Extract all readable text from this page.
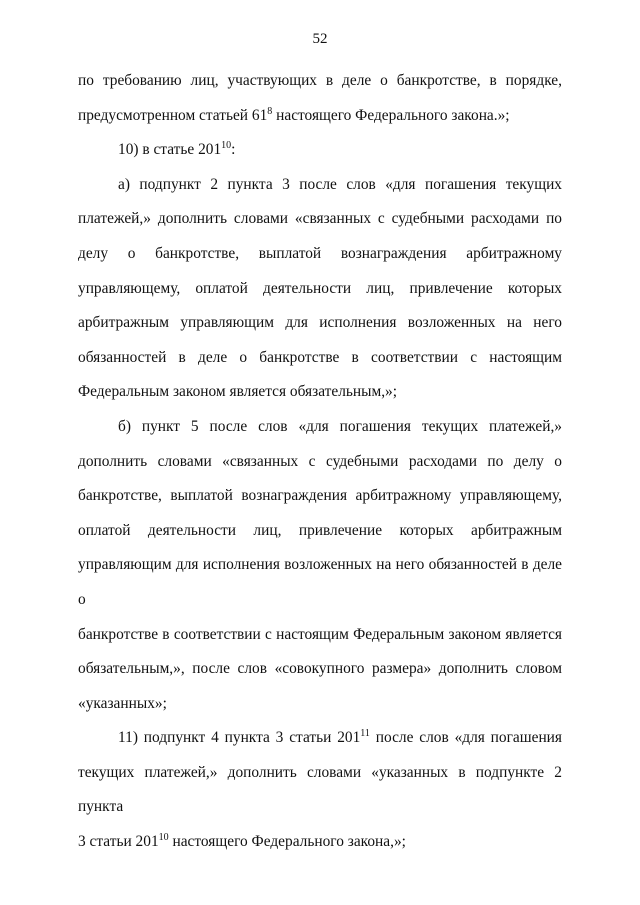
52
по требованию лиц, участвующих в деле о банкротстве, в порядке,
предусмотренном статьей $61^8$ настоящего Федерального закона.»;
10) в статье $201^{10}$:
а) подпункт 2 пункта 3 после слов «для погашения текущих
платежей,» дополнить словами «связанных с судебными расходами по
делу о банкротстве, выплатой вознаграждения арбитражному
управляющему, оплатой деятельности лиц, привлечение которых
арбитражным управляющим для исполнения возложенных на него
обязанностей в деле о банкротстве в соответствии с настоящим
Федеральным законом является обязательным,»;
б) пункт 5 после слов «для погашения текущих платежей,»
дополнить словами «связанных с судебными расходами по делу о
банкротстве, выплатой вознаграждения арбитражному управляющему,
оплатой деятельности лиц, привлечение которых арбитражным
управляющим для исполнения возложенных на него обязанностей в деле о
банкротстве в соответствии с настоящим Федеральным законом является
обязательным,», после слов «совокупного размера» дополнить словом
«указанных»;
11) подпункт 4 пункта 3 статьи $201^{11}$ после слов «для погашения
текущих платежей,» дополнить словами «указанных в подпункте 2 пункта
3 статьи $201^{10}$ настоящего Федерального закона,»;
